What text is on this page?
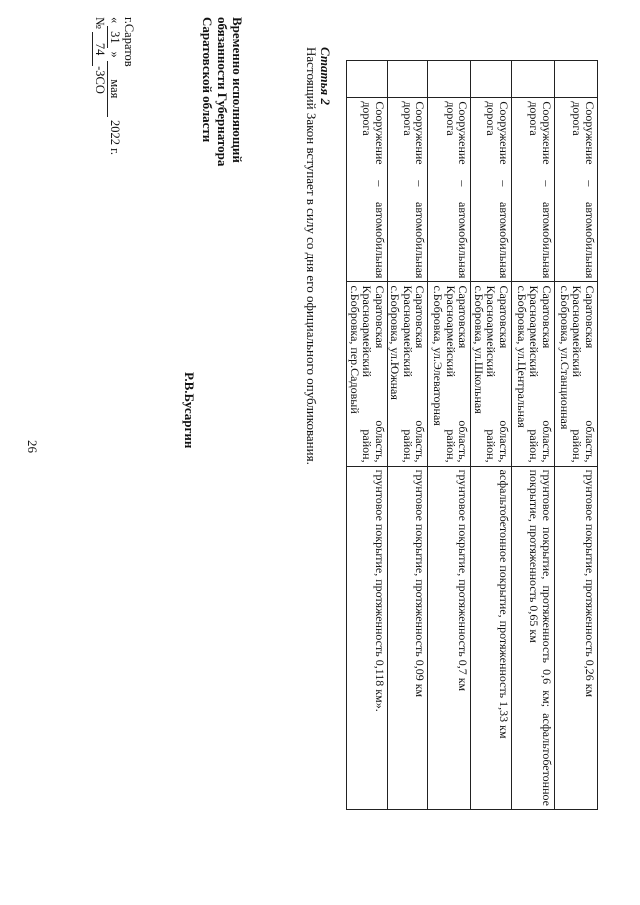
26
	Сооружение – автомобильная дорога	Саратовская область, Красноармейский район, с.Бобровка, ул.Станционная	грунтовое покрытие, протяженность 0,26 км
	Сооружение – автомобильная дорога	Саратовская область, Красноармейский район, с.Бобровка, ул.Центральная	грунтовое покрытие, протяженность 0,6 км; асфальтобетонное покрытие, протяженность 0,65 км
	Сооружение – автомобильная дорога	Саратовская область, Красноармейский район, с.Бобровка, ул.Школьная	асфальтобетонное покрытие, протяженность 1,33 км
	Сооружение – автомобильная дорога	Саратовская область, Красноармейский район, с.Бобровка, ул.Элеваторная	грунтовое покрытие, протяженность 0,7 км
	Сооружение – автомобильная дорога	Саратовская область, Красноармейский район, с.Бобровка, ул.Южная	грунтовое покрытие, протяженность 0,09 км
	Сооружение – автомобильная дорога	Саратовская область, Красноармейский район, с.Бобровка, пер.Садовый	грунтовое покрытие, протяженность 0,118 км».
Статья 2
Настоящий Закон вступает в силу со дня его официального опубликования.
Временно исполняющий
обязанности Губернатора
Саратовской области
Р.В.Бусаргин
г.Саратов
« 31 » мая 2022 г.
№ 74-ЗСО
